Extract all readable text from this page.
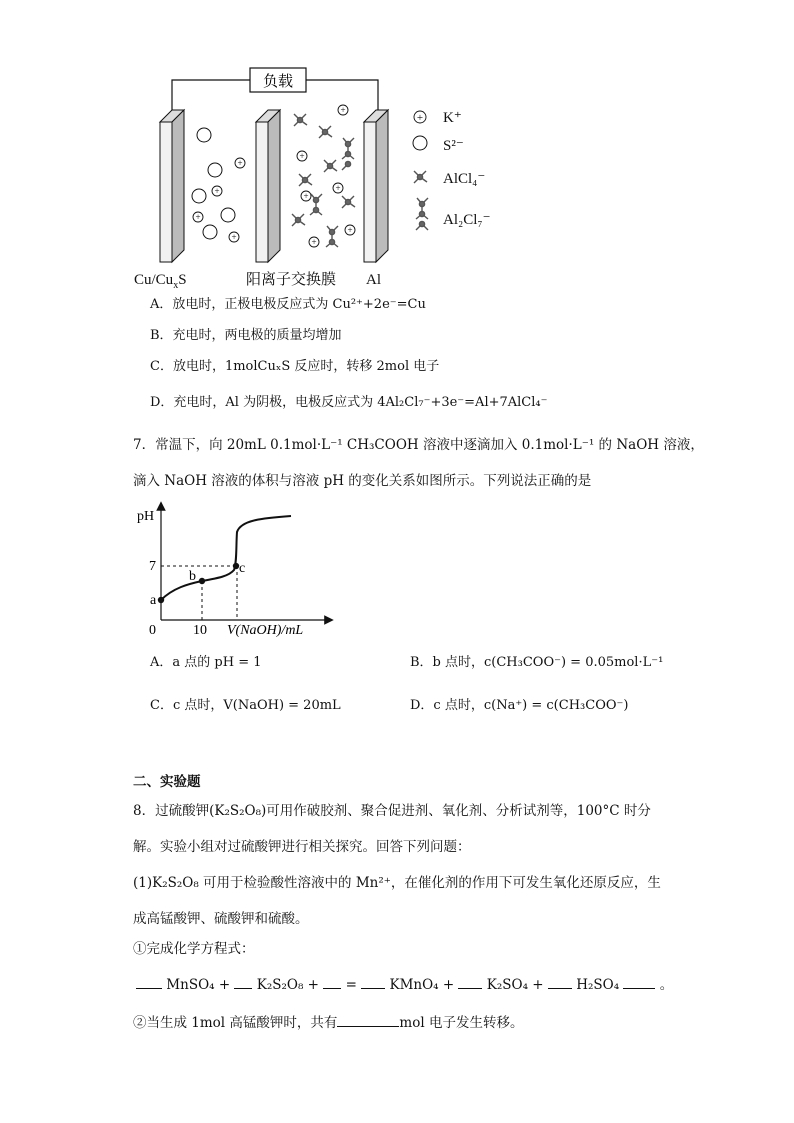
负载
+
+
+
+
+
+
+
+
+
+
+ K⁺
S²⁻
AlCl₄⁻
Al₂Cl₇⁻
$Cu/Cu_xS$	阳离子交换膜 Al
A．放电时，正极电极反应式为 Cu²⁺+2e⁻=Cu
B．充电时，两电极的质量均增加
C．放电时，1molCuₓS 反应时，转移 2mol 电子
D．充电时，Al 为阴极，电极反应式为 4Al₂Cl₇⁻+3e⁻=Al+7AlCl₄⁻
7．常温下，向 20mL 0.1mol·L⁻¹ CH₃COOH 溶液中逐滴加入 0.1mol·L⁻¹ 的 NaOH 溶液，
滴入 NaOH 溶液的体积与溶液 pH 的变化关系如图所示。下列说法正确的是
pH
0	10 V(NaOH)/mL
7
a
b
c
A．a 点的 pH = 1	B．b 点时，c(CH₃COO⁻) = 0.05mol·L⁻¹
C．c 点时，V(NaOH) = 20mL	D．c 点时，c(Na⁺) = c(CH₃COO⁻)
二、实验题
8．过硫酸钾(K₂S₂O₈)可用作破胶剂、聚合促进剂、氧化剂、分析试剂等，100°C 时分
解。实验小组对过硫酸钾进行相关探究。回答下列问题：
(1)K₂S₂O₈ 可用于检验酸性溶液中的 Mn²⁺，在催化剂的作用下可发生氧化还原反应，生
成高锰酸钾、硫酸钾和硫酸。
①完成化学方程式：
MnSO₄ + K₂S₂O₈ + = KMnO₄ + K₂SO₄ + H₂SO₄	。
②当生成 1mol 高锰酸钾时，共有	mol 电子发生转移。
